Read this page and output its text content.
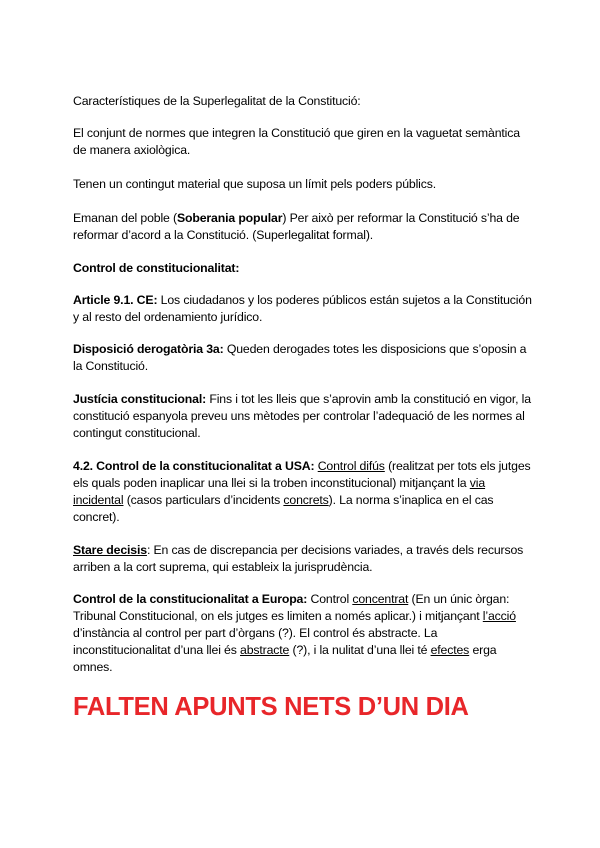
Característiques de la Superlegalitat de la Constitució:
El conjunt de normes que integren la Constitució que giren en la vaguetat semàntica de manera axiològica.
Tenen un contingut material que suposa un límit pels poders públics.
Emanan del poble (Soberania popular) Per això per reformar la Constitució s’ha de reformar d’acord a la Constitució. (Superlegalitat formal).
Control de constitucionalitat:
Article 9.1. CE: Los ciudadanos y los poderes públicos están sujetos a la Constitución y al resto del ordenamiento jurídico.
Disposició derogatòria 3a: Queden derogades totes les disposicions que s’oposin a la Constitució.
Justícia constitucional: Fins i tot les lleis que s’aprovin amb la constitució en vigor, la constitució espanyola preveu uns mètodes per controlar l’adequació de les normes al contingut constitucional.
4.2. Control de la constitucionalitat a USA: Control difús (realitzat per tots els jutges els quals poden inaplicar una llei si la troben inconstitucional) mitjançant la via incidental (casos particulars d’incidents concrets). La norma s’inaplica en el cas concret).
Stare decisis: En cas de discrepancia per decisions variades, a través dels recursos arriben a la cort suprema, qui estableix la jurisprudència.
Control de la constitucionalitat a Europa: Control concentrat (En un únic òrgan: Tribunal Constitucional, on els jutges es limiten a només aplicar.) i mitjançant l’acció d’instància al control per part d’òrgans (?). El control és abstracte. La inconstitucionalitat d’una llei és abstracte (?), i la nulitat d’una llei té efectes erga omnes.
FALTEN APUNTS NETS D’UN DIA
